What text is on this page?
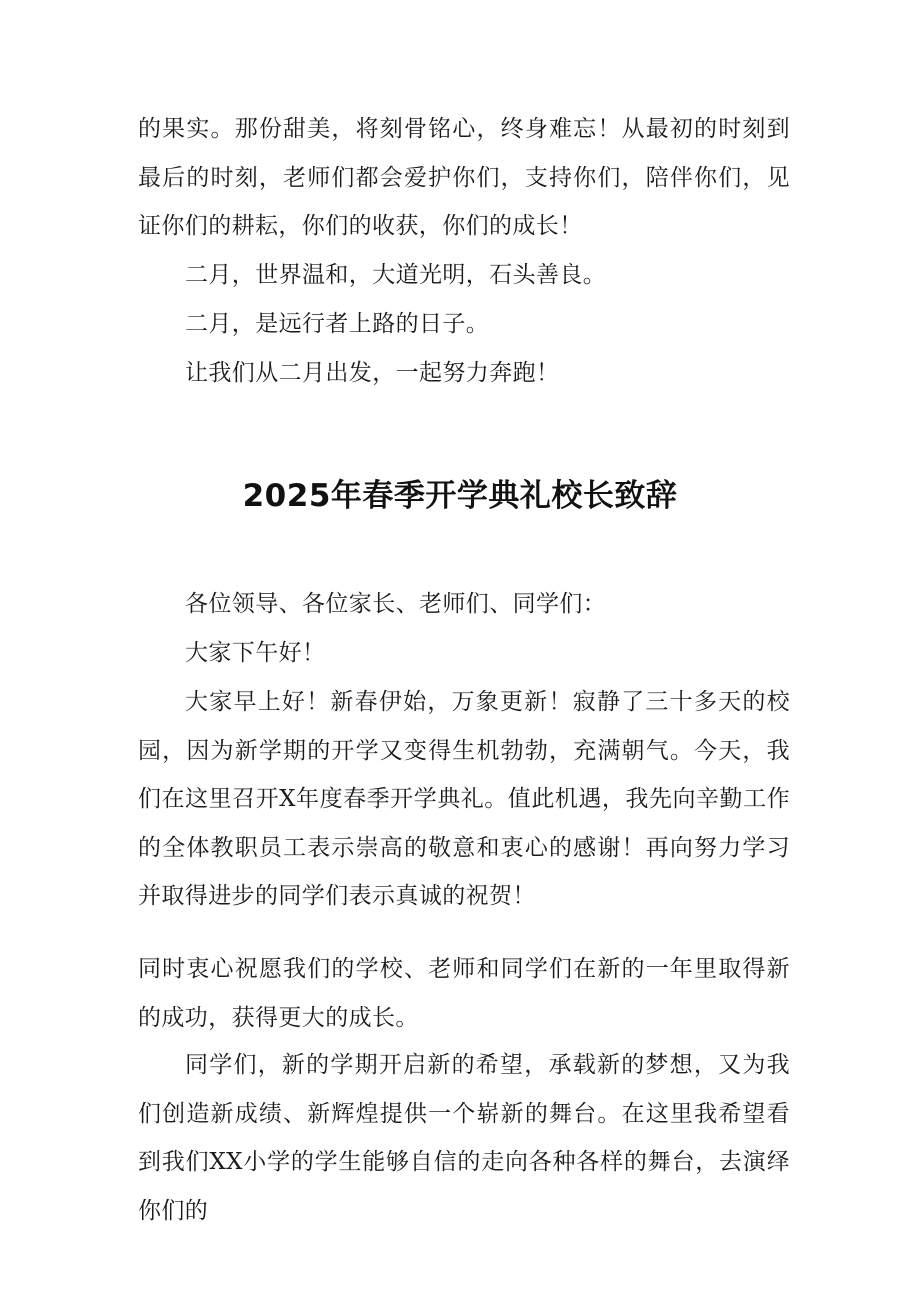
的果实。那份甜美，将刻骨铭心，终身难忘！从最初的时刻到最后的时刻，老师们都会爱护你们，支持你们，陪伴你们，见证你们的耕耘，你们的收获，你们的成长！

二月，世界温和，大道光明，石头善良。

二月，是远行者上路的日子。

让我们从二月出发，一起努力奔跑！

2025年春季开学典礼校长致辞

各位领导、各位家长、老师们、同学们：

大家下午好！

大家早上好！新春伊始，万象更新！寂静了三十多天的校园，因为新学期的开学又变得生机勃勃，充满朝气。今天，我们在这里召开X年度春季开学典礼。值此机遇，我先向辛勤工作的全体教职员工表示崇高的敬意和衷心的感谢！再向努力学习并取得进步的同学们表示真诚的祝贺！

同时衷心祝愿我们的学校、老师和同学们在新的一年里取得新的成功，获得更大的成长。

同学们，新的学期开启新的希望，承载新的梦想，又为我们创造新成绩、新辉煌提供一个崭新的舞台。在这里我希望看到我们XX小学的学生能够自信的走向各种各样的舞台，去演绎你们的
